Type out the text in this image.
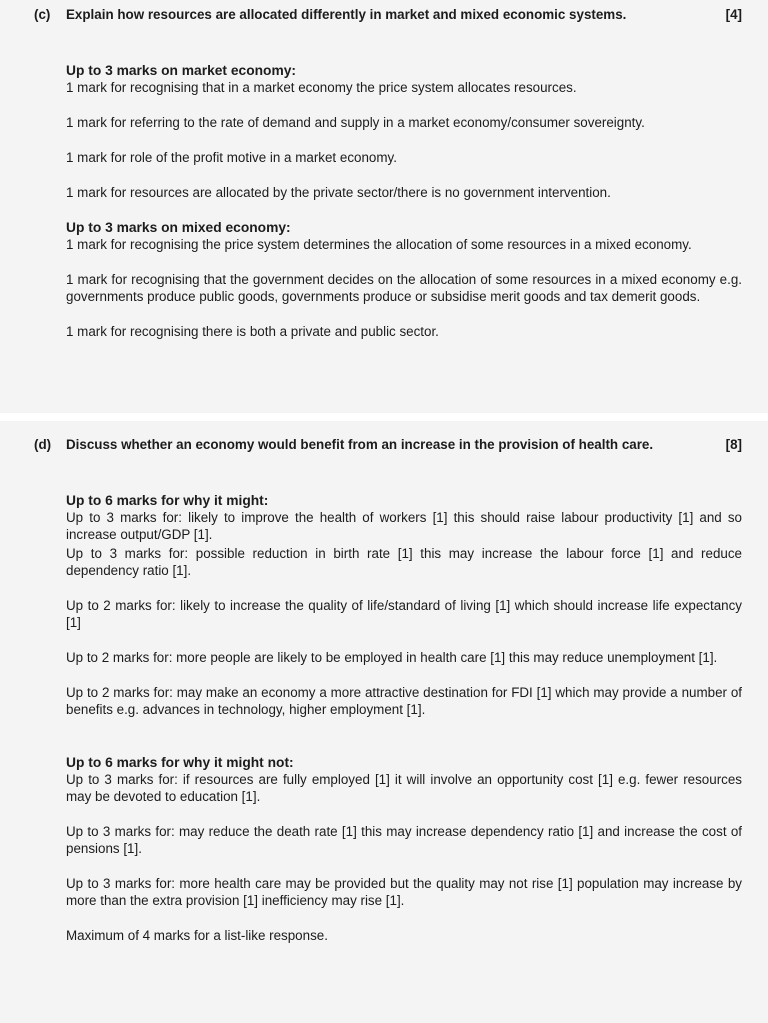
(c) Explain how resources are allocated differently in market and mixed economic systems.	[4]
Up to 3 marks on market economy:

1 mark for recognising that in a market economy the price system allocates resources.

1 mark for referring to the rate of demand and supply in a market economy/consumer sovereignty.

1 mark for role of the profit motive in a market economy.

1 mark for resources are allocated by the private sector/there is no government intervention.

Up to 3 marks on mixed economy:

1 mark for recognising the price system determines the allocation of some resources in a mixed economy.

1 mark for recognising that the government decides on the allocation of some resources in a mixed economy e.g. governments produce public goods, governments produce or subsidise merit goods and tax demerit goods.

1 mark for recognising there is both a private and public sector.

(d) Discuss whether an economy would benefit from an increase in the provision of health care.	[8]
Up to 6 marks for why it might:

Up to 3 marks for: likely to improve the health of workers [1] this should raise labour productivity [1] and so increase output/GDP [1].

Up to 3 marks for: possible reduction in birth rate [1] this may increase the labour force [1] and reduce dependency ratio [1].

Up to 2 marks for: likely to increase the quality of life/standard of living [1] which should increase life expectancy [1]

Up to 2 marks for: more people are likely to be employed in health care [1] this may reduce unemployment [1].

Up to 2 marks for: may make an economy a more attractive destination for FDI [1] which may provide a number of benefits e.g. advances in technology, higher employment [1].

Up to 6 marks for why it might not:

Up to 3 marks for: if resources are fully employed [1] it will involve an opportunity cost [1] e.g. fewer resources may be devoted to education [1].

Up to 3 marks for: may reduce the death rate [1] this may increase dependency ratio [1] and increase the cost of pensions [1].

Up to 3 marks for: more health care may be provided but the quality may not rise [1] population may increase by more than the extra provision [1] inefficiency may rise [1].

Maximum of 4 marks for a list-like response.
